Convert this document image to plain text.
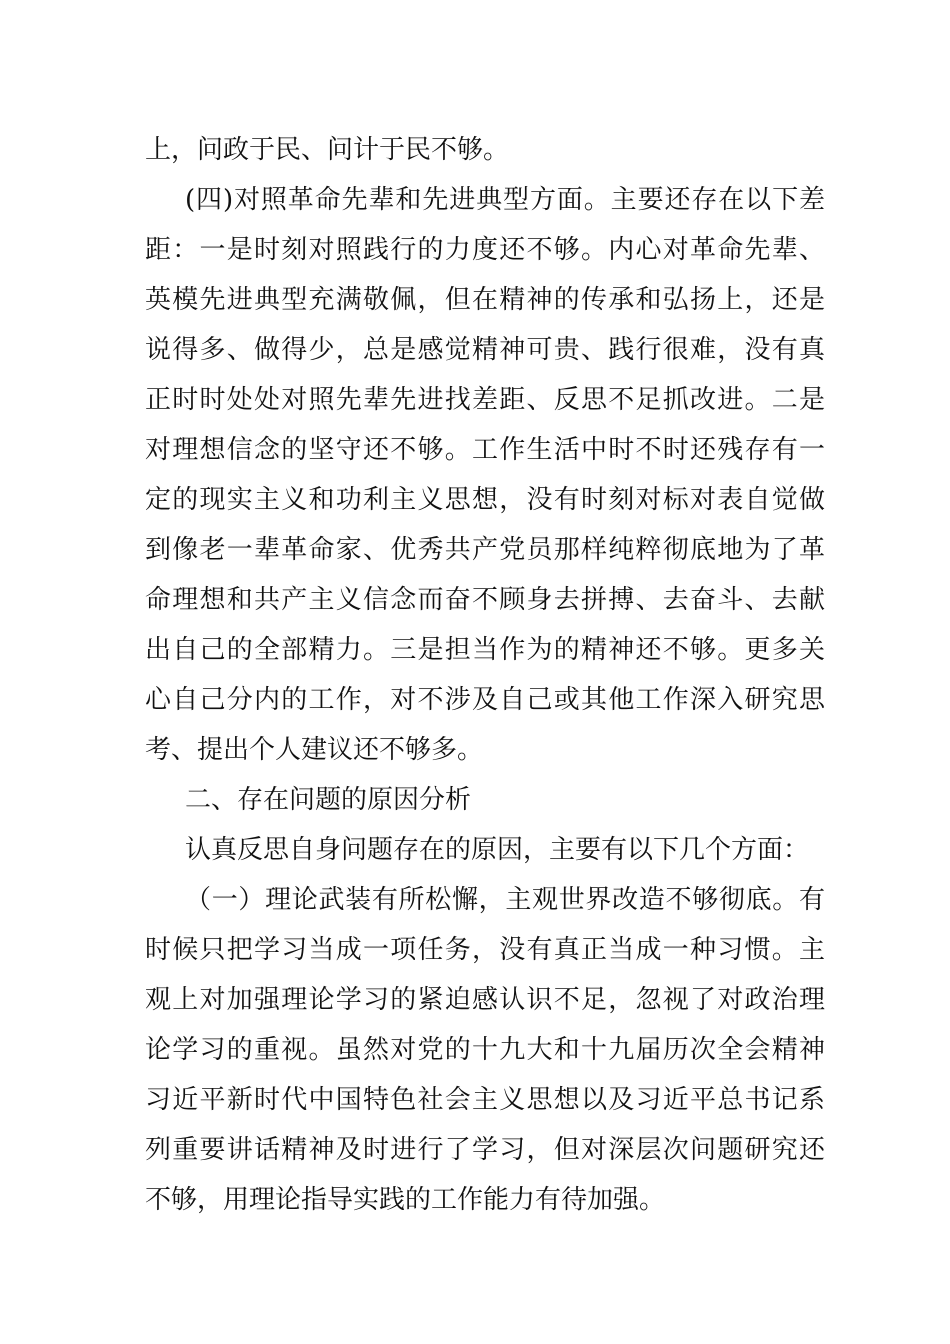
上，问政于民、问计于民不够。

(四)对照革命先辈和先进典型方面。主要还存在以下差

距：一是时刻对照践行的力度还不够。内心对革命先辈、

英模先进典型充满敬佩，但在精神的传承和弘扬上，还是

说得多、做得少，总是感觉精神可贵、践行很难，没有真

正时时处处对照先辈先进找差距、反思不足抓改进。二是

对理想信念的坚守还不够。工作生活中时不时还残存有一

定的现实主义和功利主义思想，没有时刻对标对表自觉做

到像老一辈革命家、优秀共产党员那样纯粹彻底地为了革

命理想和共产主义信念而奋不顾身去拼搏、去奋斗、去献

出自己的全部精力。三是担当作为的精神还不够。更多关

心自己分内的工作，对不涉及自己或其他工作深入研究思

考、提出个人建议还不够多。

二、存在问题的原因分析

认真反思自身问题存在的原因，主要有以下几个方面：

（一）理论武装有所松懈，主观世界改造不够彻底。有

时候只把学习当成一项任务，没有真正当成一种习惯。主

观上对加强理论学习的紧迫感认识不足，忽视了对政治理

论学习的重视。虽然对党的十九大和十九届历次全会精神

习近平新时代中国特色社会主义思想以及习近平总书记系

列重要讲话精神及时进行了学习，但对深层次问题研究还

不够，用理论指导实践的工作能力有待加强。
